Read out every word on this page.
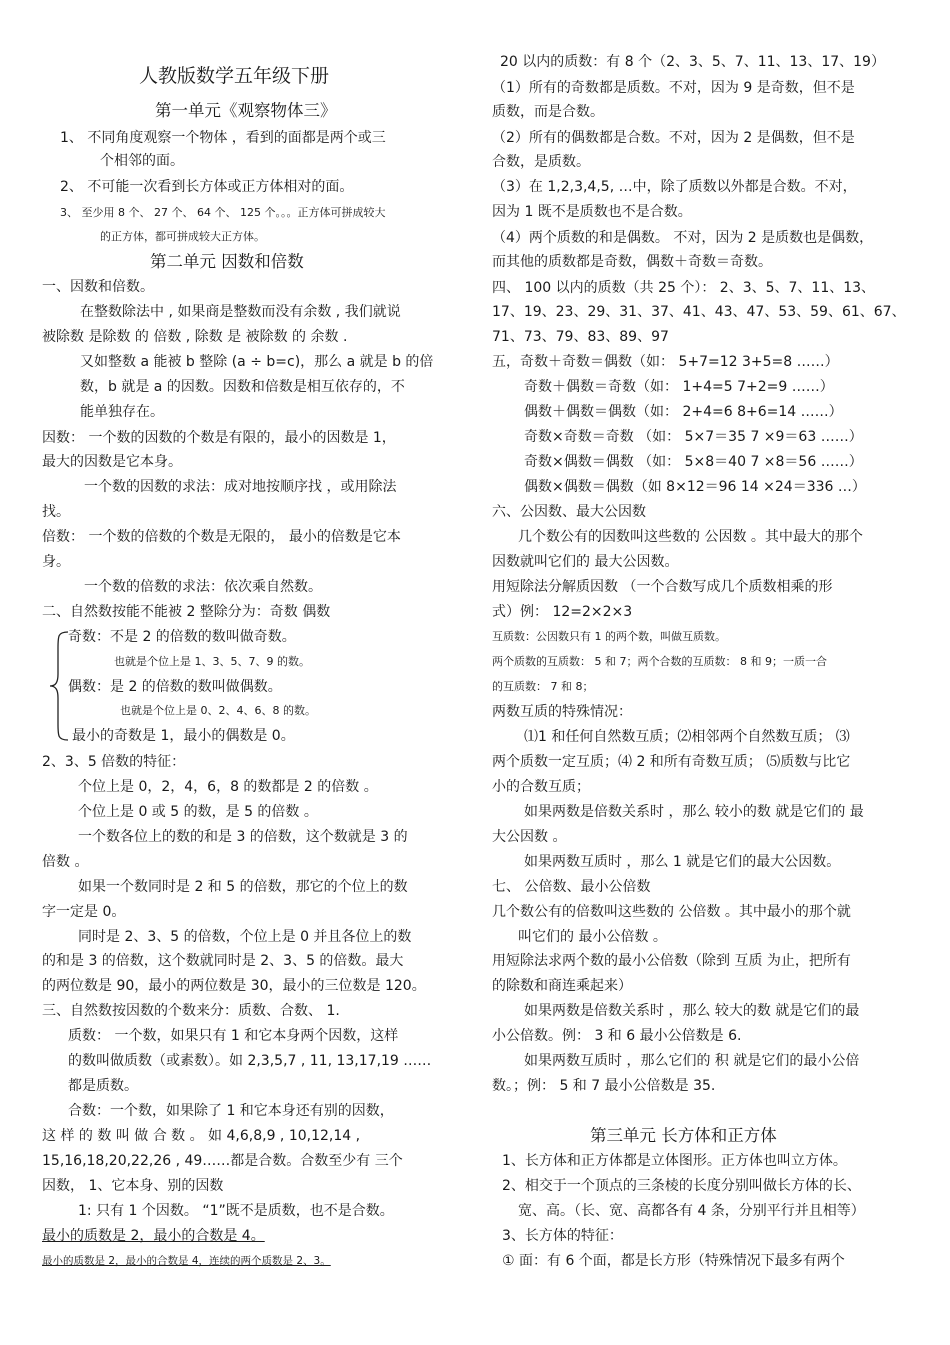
人教版数学五年级下册
第一单元《观察物体三》
1、 不同角度观察一个物体 ，看到的面都是两个或三
个相邻的面。
2、 不可能一次看到长方体或正方体相对的面。
3、 至少用 8 个、 27 个、 64 个、 125 个。。。正方体可拼成较大
的正方体，都可拼成较大正方体。
第二单元 因数和倍数
一、因数和倍数。
在整数除法中 , 如果商是整数而没有余数 , 我们就说
被除数 是除数 的 倍数 , 除数 是 被除数 的 余数 .
又如整数 a 能被 b 整除 (a ÷ b=c)，那么 a 就是 b 的倍
数，b 就是 a 的因数。因数和倍数是相互依存的，不
能单独存在。
因数： 一个数的因数的个数是有限的，最小的因数是 1，
最大的因数是它本身。
一个数的因数的求法：成对地按顺序找 ，或用除法
找。
倍数： 一个数的倍数的个数是无限的， 最小的倍数是它本
身。
一个数的倍数的求法：依次乘自然数。
二、自然数按能不能被 2 整除分为：奇数 偶数
奇数：不是 2 的倍数的数叫做奇数。
也就是个位上是 1、3、5、7、9 的数。
偶数：是 2 的倍数的数叫做偶数。
也就是个位上是 0、2、4、6、8 的数。
最小的奇数是 1，最小的偶数是 0。
2、3、5 倍数的特征：
个位上是 0，2，4，6，8 的数都是 2 的倍数 。
个位上是 0 或 5 的数，是 5 的倍数 。
一个数各位上的数的和是 3 的倍数，这个数就是 3 的
倍数 。
如果一个数同时是 2 和 5 的倍数，那它的个位上的数
字一定是 0。
同时是 2、3、5 的倍数，个位上是 0 并且各位上的数
的和是 3 的倍数，这个数就同时是 2、3、5 的倍数。最大
的两位数是 90，最小的两位数是 30，最小的三位数是 120。
三、自然数按因数的个数来分：质数、合数、 1.
质数： 一个数，如果只有 1 和它本身两个因数，这样
的数叫做质数（或素数）。如 2,3,5,7 , 11, 13,17,19 ……
都是质数。
合数：一个数，如果除了 1 和它本身还有别的因数，
这 样 的 数 叫 做 合 数 。 如 4,6,8,9 , 10,12,14 ,
15,16,18,20,22,26 , 49……都是合数。合数至少有 三个
因数， 1、它本身、别的因数
1: 只有 1 个因数。 “1”既不是质数，也不是合数。
最小的质数是 2，最小的合数是 4。
最小的质数是 2，最小的合数是 4，连续的两个质数是 2、3。
20 以内的质数：有 8 个（2、3、5、7、11、13、17、19）
（1）所有的奇数都是质数。不对，因为 9 是奇数，但不是
质数，而是合数。
（2）所有的偶数都是合数。不对，因为 2 是偶数，但不是
合数，是质数。
（3）在 1,2,3,4,5, …中，除了质数以外都是合数。不对，
因为 1 既不是质数也不是合数。
（4）两个质数的和是偶数。 不对，因为 2 是质数也是偶数，
而其他的质数都是奇数，偶数＋奇数＝奇数。
四、 100 以内的质数（共 25 个）： 2、3、5、7、11、13、
17、19、23、29、31、37、41、43、47、53、59、61、67、
71、73、79、83、89、97
五，奇数＋奇数＝偶数（如： 5+7=12 3+5=8 ……）
奇数＋偶数＝奇数（如： 1+4=5 7+2=9 ……）
偶数＋偶数＝偶数（如： 2+4=6 8+6=14 ……）
奇数×奇数＝奇数 （如： 5×7＝35 7 ×9＝63 ……）
奇数×偶数＝偶数 （如： 5×8＝40 7 ×8＝56 ……）
偶数×偶数＝偶数（如 8×12＝96 14 ×24＝336 …）
六、公因数、最大公因数
几个数公有的因数叫这些数的 公因数 。其中最大的那个
因数就叫它们的 最大公因数。
用短除法分解质因数 （一个合数写成几个质数相乘的形
式）例： 12=2×2×3
互质数：公因数只有 1 的两个数，叫做互质数。
两个质数的互质数： 5 和 7；两个合数的互质数： 8 和 9；一质一合
的互质数： 7 和 8；
两数互质的特殊情况：
⑴1 和任何自然数互质；⑵相邻两个自然数互质； ⑶
两个质数一定互质；⑷ 2 和所有奇数互质； ⑸质数与比它
小的合数互质；
如果两数是倍数关系时 ，那么 较小的数 就是它们的 最
大公因数 。
如果两数互质时 ，那么 1 就是它们的最大公因数。
七、 公倍数、最小公倍数
几个数公有的倍数叫这些数的 公倍数 。其中最小的那个就
叫它们的 最小公倍数 。
用短除法求两个数的最小公倍数（除到 互质 为止，把所有
的除数和商连乘起来）
如果两数是倍数关系时 ，那么 较大的数 就是它们的最
小公倍数。例： 3 和 6 最小公倍数是 6.
如果两数互质时 ，那么它们的 积 就是它们的最小公倍
数。；例： 5 和 7 最小公倍数是 35.
第三单元 长方体和正方体
1、长方体和正方体都是立体图形。正方体也叫立方体。
2、相交于一个顶点的三条棱的长度分别叫做长方体的长、
宽、高。（长、宽、高都各有 4 条，分别平行并且相等）
3、长方体的特征：
① 面：有 6 个面，都是长方形（特殊情况下最多有两个
